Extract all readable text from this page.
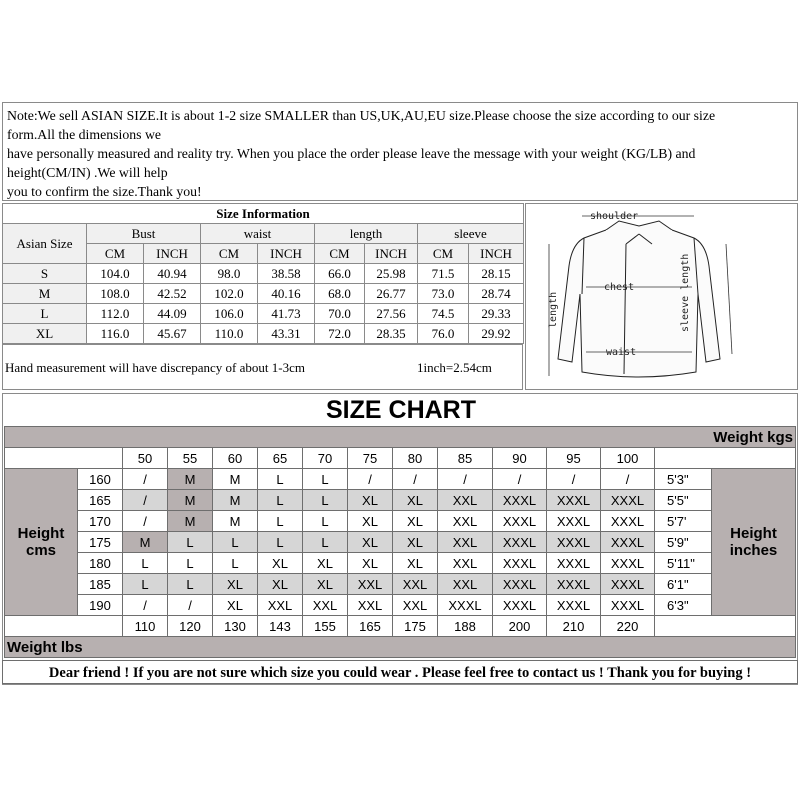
Note:We sell ASIAN SIZE.It is about 1-2 size SMALLER than US,UK,AU,EU size.Please choose the size according to our size
form.All the dimensions we
have personally measured and reality try. When you place the order please leave the message with your weight (KG/LB) and
height(CM/IN) .We will help
you to confirm the size.Thank you!
Size Information								
Asian Size	Bust		waist		length		sleeve	
	CM	INCH	CM	INCH	CM	INCH	CM	INCH
S	104.0	40.94	98.0	38.58	66.0	25.98	71.5	28.15
M	108.0	42.52	102.0	40.16	68.0	26.77	73.0	28.74
L	112.0	44.09	106.0	41.73	70.0	27.56	74.5	29.33
XL	116.0	45.67	110.0	43.31	72.0	28.35	76.0	29.92
Hand measurement will have discrepancy of about 1-3cm	1inch=2.54cm
shoulder
chest
waist
length	sleeve length
SIZE CHART
Weight kgs														
		50	55	60	65	70	75	80	85	90	95	100		
Height cms	160	/	M	M	L	L	/	/	/	/	/	/	5'3"	Height inches
	165	/	M	M	L	L	XL	XL	XXL	XXXL	XXXL	XXXL	5'5"	
	170	/	M	M	L	L	XL	XL	XXL	XXXL	XXXL	XXXL	5'7'	
	175	M	L	L	L	L	XL	XL	XXL	XXXL	XXXL	XXXL	5'9"	
	180	L	L	L	XL	XL	XL	XL	XXL	XXXL	XXXL	XXXL	5'11"	
	185	L	L	XL	XL	XL	XXL	XXL	XXL	XXXL	XXXL	XXXL	6'1"	
	190	/	/	XL	XXL	XXL	XXL	XXL	XXXL	XXXL	XXXL	XXXL	6'3"	
		110	120	130	143	155	165	175	188	200	210	220		
Weight lbs														
Dear friend ! If you are not sure which size you could wear . Please feel free to contact us ! Thank you for buying !
